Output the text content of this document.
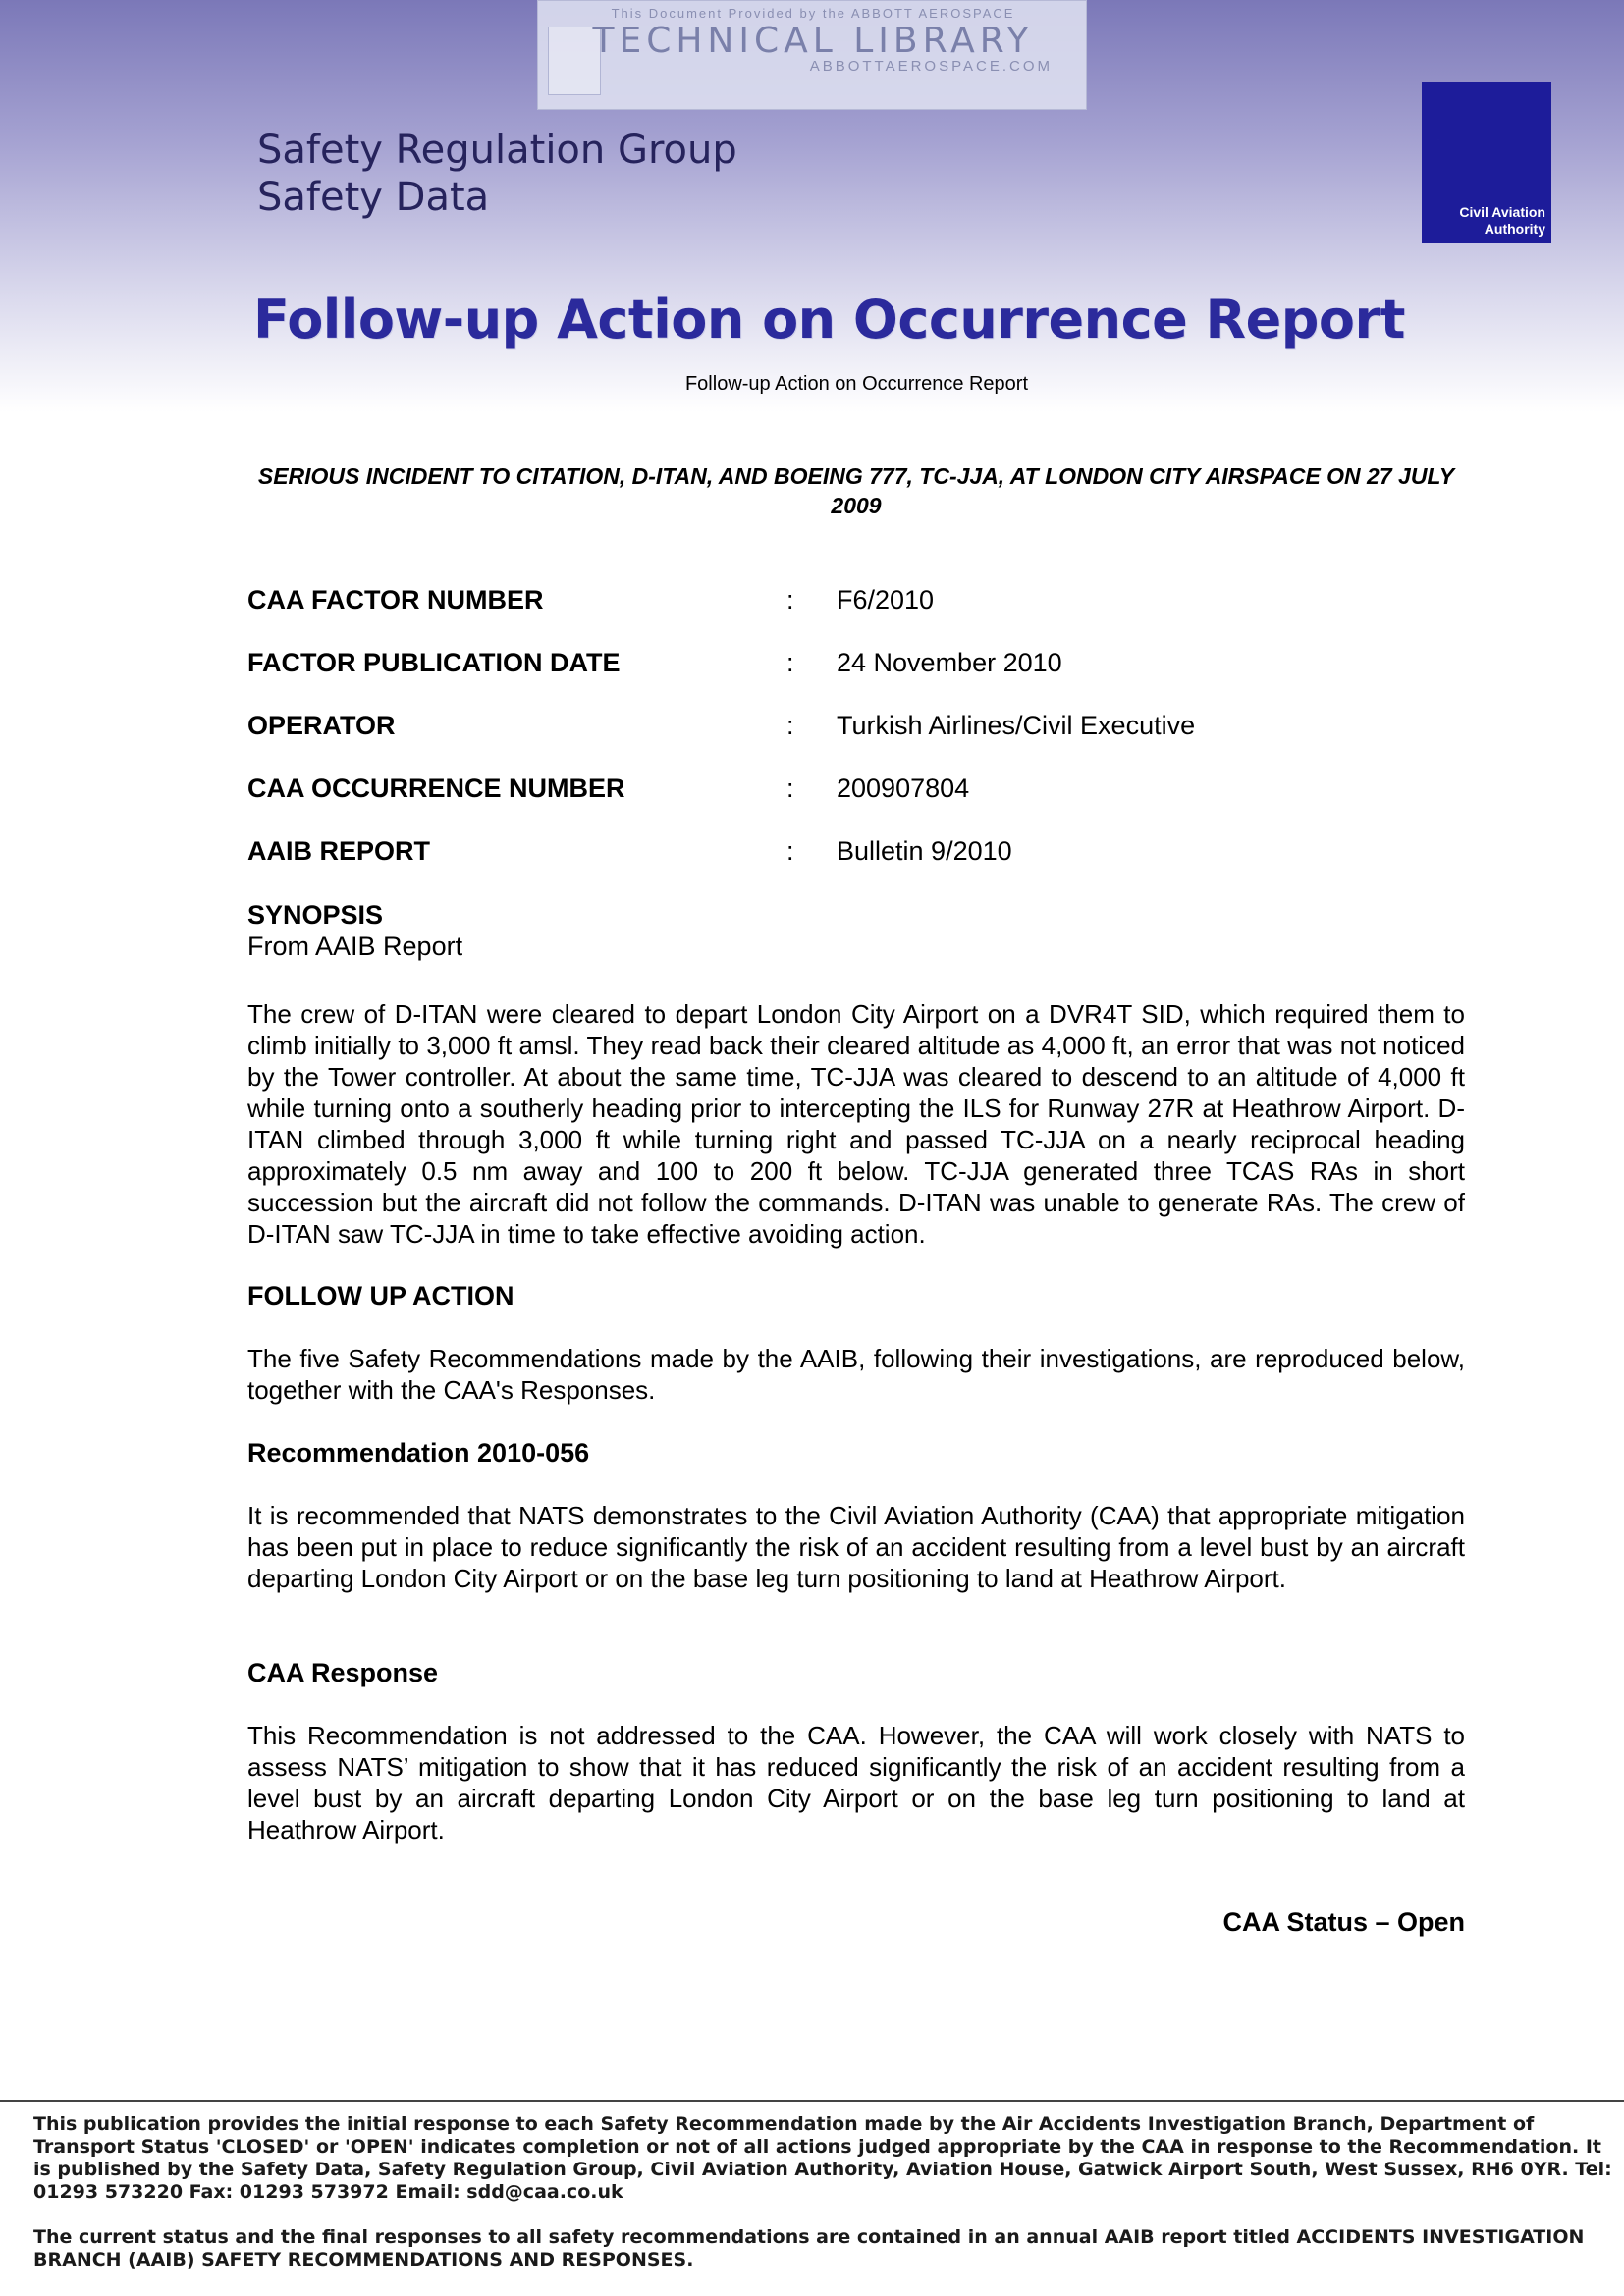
This Document Provided by the ABBOTT AEROSPACE
TECHNICAL LIBRARY
ABBOTTAEROSPACE.COM
Safety Regulation Group
Safety Data	Civil Aviation
Authority
Follow-up Action on Occurrence Report
Follow-up Action on Occurrence Report
SERIOUS INCIDENT TO CITATION, D-ITAN, AND BOEING 777, TC-JJA, AT LONDON CITY AIRSPACE ON 27 JULY 2009
CAA FACTOR NUMBER	: F6/2010
FACTOR PUBLICATION DATE	: 24 November 2010
OPERATOR	: Turkish Airlines/Civil Executive
CAA OCCURRENCE NUMBER	: 200907804
AAIB REPORT	: Bulletin 9/2010
SYNOPSIS
From AAIB Report
The crew of D-ITAN were cleared to depart London City Airport on a DVR4T SID, which required them to climb initially to 3,000 ft amsl. They read back their cleared altitude as 4,000 ft, an error that was not noticed by the Tower controller. At about the same time, TC-JJA was cleared to descend to an altitude of 4,000 ft while turning onto a southerly heading prior to intercepting the ILS for Runway 27R at Heathrow Airport. D-ITAN climbed through 3,000 ft while turning right and passed TC-JJA on a nearly reciprocal heading approximately 0.5 nm away and 100 to 200 ft below. TC-JJA generated three TCAS RAs in short succession but the aircraft did not follow the commands. D-ITAN was unable to generate RAs. The crew of D-ITAN saw TC-JJA in time to take effective avoiding action.
FOLLOW UP ACTION
The five Safety Recommendations made by the AAIB, following their investigations, are reproduced below, together with the CAA's Responses.
Recommendation 2010-056
It is recommended that NATS demonstrates to the Civil Aviation Authority (CAA) that appropriate mitigation has been put in place to reduce significantly the risk of an accident resulting from a level bust by an aircraft departing London City Airport or on the base leg turn positioning to land at Heathrow Airport.
CAA Response
This Recommendation is not addressed to the CAA. However, the CAA will work closely with NATS to assess NATS’ mitigation to show that it has reduced significantly the risk of an accident resulting from a level bust by an aircraft departing London City Airport or on the base leg turn positioning to land at Heathrow Airport.
CAA Status – Open
This publication provides the initial response to each Safety Recommendation made by the Air Accidents Investigation Branch, Department of Transport Status 'CLOSED' or 'OPEN' indicates completion or not of all actions judged appropriate by the CAA in response to the Recommendation. It is published by the Safety Data, Safety Regulation Group, Civil Aviation Authority, Aviation House, Gatwick Airport South, West Sussex, RH6 0YR. Tel: 01293 573220 Fax: 01293 573972 Email: sdd@caa.co.uk
The current status and the final responses to all safety recommendations are contained in an annual AAIB report titled ACCIDENTS INVESTIGATION BRANCH (AAIB) SAFETY RECOMMENDATIONS AND RESPONSES.
